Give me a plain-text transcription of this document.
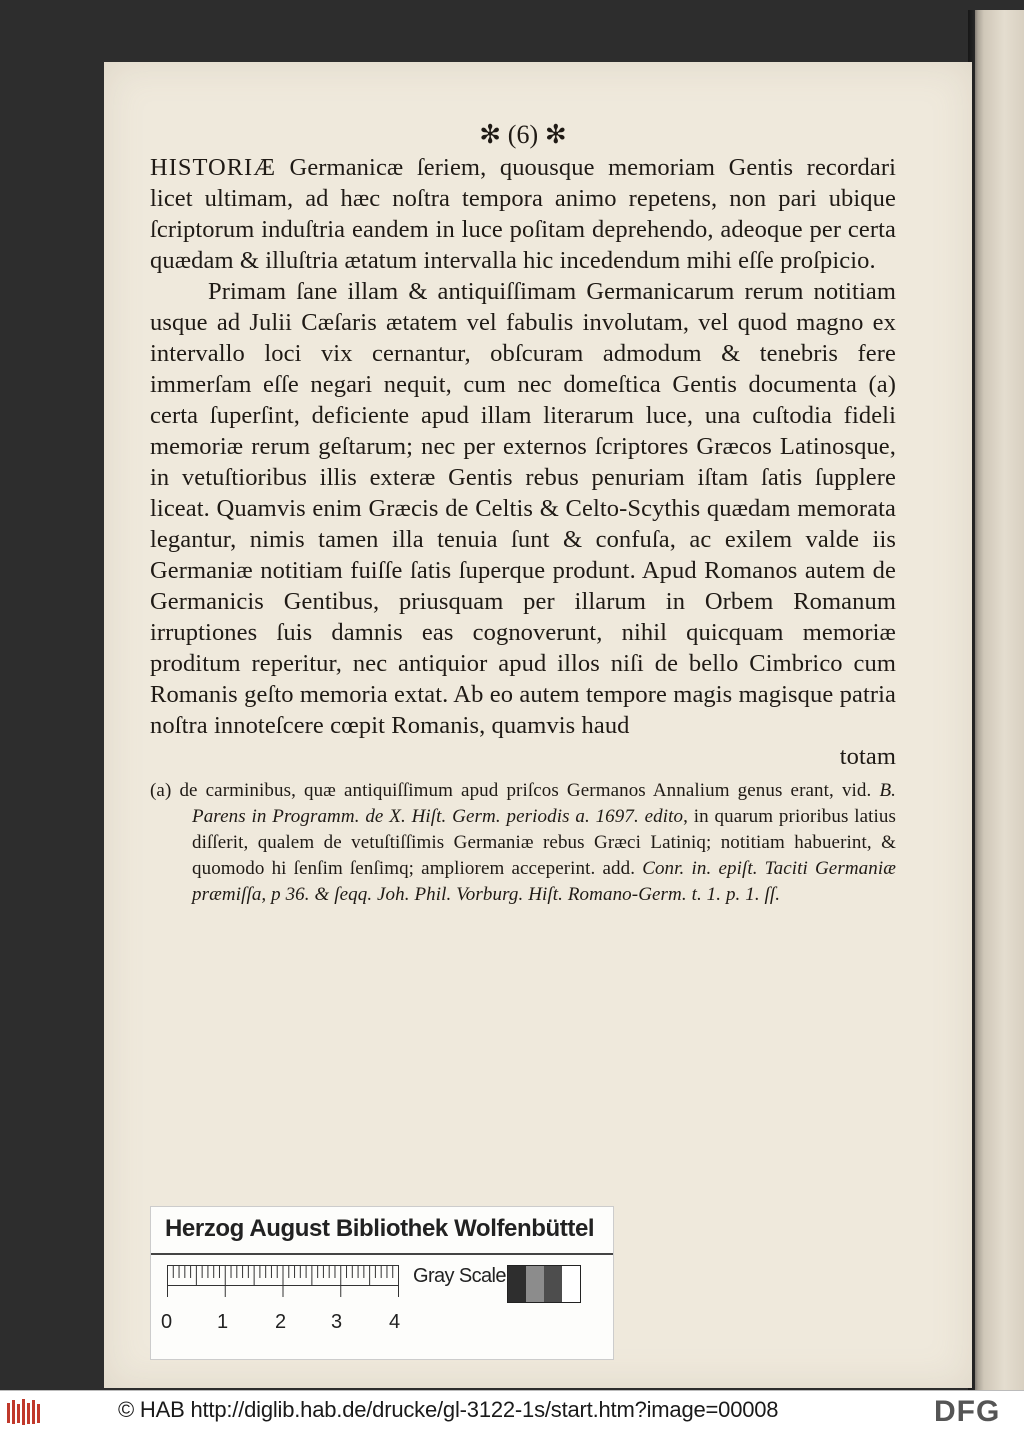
✻ (6) ✻

HISTORIÆ Germanicæ ſeriem, quousque memoriam Gentis recordari licet ultimam, ad hæc noſtra tempora animo repetens, non pari ubique ſcriptorum induſtria eandem in luce poſitam deprehendo, adeoque per certa quædam & illuſtria ætatum intervalla hic incedendum mihi eſſe proſpicio.

Primam ſane illam & antiquiſſimam Germanicarum rerum notitiam usque ad Julii Cæſaris ætatem vel fabulis involutam, vel quod magno ex intervallo loci vix cernantur, obſcuram admodum & tenebris fere immerſam eſſe negari nequit, cum nec domeſtica Gentis documenta (a) certa ſuperſint, deficiente apud illam literarum luce, una cuſtodia fideli memoriæ rerum geſtarum; nec per externos ſcriptores Græcos Latinosque, in vetuſtioribus illis exteræ Gentis rebus penuriam iſtam ſatis ſupplere liceat. Quamvis enim Græcis de Celtis & Celto-Scythis quædam memorata legantur, nimis tamen illa tenuia ſunt & confuſa, ac exilem valde iis Germaniæ notitiam fuiſſe ſatis ſuperque produnt. Apud Romanos autem de Germanicis Gentibus, priusquam per illarum in Orbem Romanum irruptiones ſuis damnis eas cognoverunt, nihil quicquam memoriæ proditum reperitur, nec antiquior apud illos niſi de bello Cimbrico cum Romanis geſto memoria extat. Ab eo autem tempore magis magisque patria noſtra innoteſcere cœpit Romanis, quamvis haud

totam

(a) de carminibus, quæ antiquiſſimum apud priſcos Germanos Annalium genus erant, vid. B. Parens in Programm. de X. Hiſt. Germ. periodis a. 1697. edito, in quarum prioribus latius diſſerit, qualem de vetuſtiſſimis Germaniæ rebus Græci Latiniq; notitiam habuerint, & quomodo hi ſenſim ſenſimq; ampliorem acceperint. add. Conr. in. epiſt. Taciti Germaniæ præmiſſa, p 36. & ſeqq. Joh. Phil. Vorburg. Hiſt. Romano-Germ. t. 1. p. 1. ſſ.

Herzog August Bibliothek Wolfenbüttel
0 1 2 3 4
Gray Scale
© HAB http://diglib.hab.de/drucke/gl-3122-1s/start.htm?image=00008	DFG
